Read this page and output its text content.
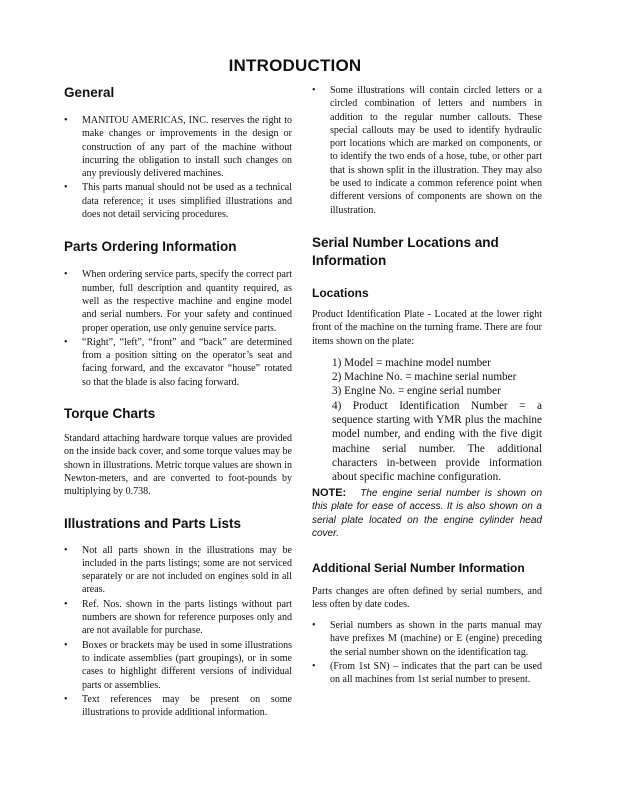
INTRODUCTION
General
• MANITOU AMERICAS, INC. reserves the right to make changes or improvements in the design or construction of any part of the machine without incurring the obligation to install such changes on any previously delivered machines.
• This parts manual should not be used as a technical data reference; it uses simplified illustrations and does not detail servicing procedures.
Parts Ordering Information
• When ordering service parts, specify the correct part number, full description and quantity required, as well as the respective machine and engine model and serial numbers. For your safety and continued proper operation, use only genuine service parts.
• “Right”, “left”, “front” and “back” are determined from a position sitting on the operator’s seat and facing forward, and the excavator “house” rotated so that the blade is also facing forward.
Torque Charts

Standard attaching hardware torque values are provided on the inside back cover, and some torque values may be shown in illustrations. Metric torque values are shown in Newton-meters, and are converted to foot-pounds by multiplying by 0.738.

Illustrations and Parts Lists
• Not all parts shown in the illustrations may be included in the parts listings; some are not serviced separately or are not included on engines sold in all areas.
• Ref. Nos. shown in the parts listings without part numbers are shown for reference purposes only and are not available for purchase.
• Boxes or brackets may be used in some illustrations to indicate assemblies (part groupings), or in some cases to highlight different versions of individual parts or assemblies.
• Text references may be present on some illustrations to provide additional information.
• Some illustrations will contain circled letters or a circled combination of letters and numbers in addition to the regular number callouts. These special callouts may be used to identify hydraulic port locations which are marked on components, or to identify the two ends of a hose, tube, or other part that is shown split in the illustration. They may also be used to indicate a common reference point when different versions of components are shown on the illustration.
Serial Number Locations and Information
Locations

Product Identification Plate - Located at the lower right front of the machine on the turning frame. There are four items shown on the plate:

1) Model = machine model number
2) Machine No. = machine serial number
3) Engine No. = engine serial number
4) Product Identification Number = a sequence starting with YMR plus the machine model number, and ending with the five digit machine serial number. The additional characters in-between provide information about specific machine configuration.

NOTE: The engine serial number is shown on this plate for ease of access. It is also shown on a serial plate located on the engine cylinder head cover.

Additional Serial Number Information

Parts changes are often defined by serial numbers, and less often by date codes.

• Serial numbers as shown in the parts manual may have prefixes M (machine) or E (engine) preceding the serial number shown on the identification tag.
• (From 1st SN) – indicates that the part can be used on all machines from 1st serial number to present.
